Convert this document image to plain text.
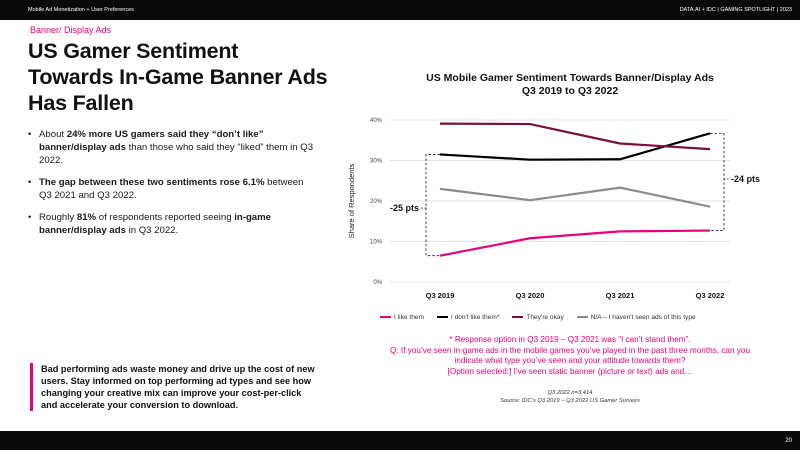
Mobile Ad Monetization + User Preferences	DATA.AI + IDC | GAMING SPOTLIGHT | 2023
Banner/ Display Ads
US Gamer Sentiment Towards In-Game Banner Ads Has Fallen
• About 24% more US gamers said they “don’t like” banner/display ads than those who said they “liked” them in Q3 2022.
• The gap between these two sentiments rose 6.1% between Q3 2021 and Q3 2022.
• Roughly 81% of respondents reported seeing in-game banner/display ads in Q3 2022.
Bad performing ads waste money and drive up the cost of new users. Stay informed on top performing ad types and see how changing your creative mix can improve your cost-per-click and accelerate your conversion to download.
US Mobile Gamer Sentiment Towards Banner/Display Ads
Q3 2019 to Q3 2022
0%
10%
20%
30%
40%
Share of Respondents
Q3 2019	Q3 2020	Q3 2021	Q3 2022
-25 pts
-24 pts
I like them
	I don't like them*
	They're okay
	N/A – I haven't seen ads of this type
* Response option in Q3 2019 – Q3 2021 was “I can’t stand them”.
Q: If you’ve seen in-game ads in the mobile games you’ve played in the past three months, can you indicate what type you’ve seen and your attitude towards them?
[Option selected:] I’ve seen static banner (picture or text) ads and…
Q3 2022 n=3,414
Source: IDC’s Q3 2019 – Q3 2022 US Gamer Surveys
20
